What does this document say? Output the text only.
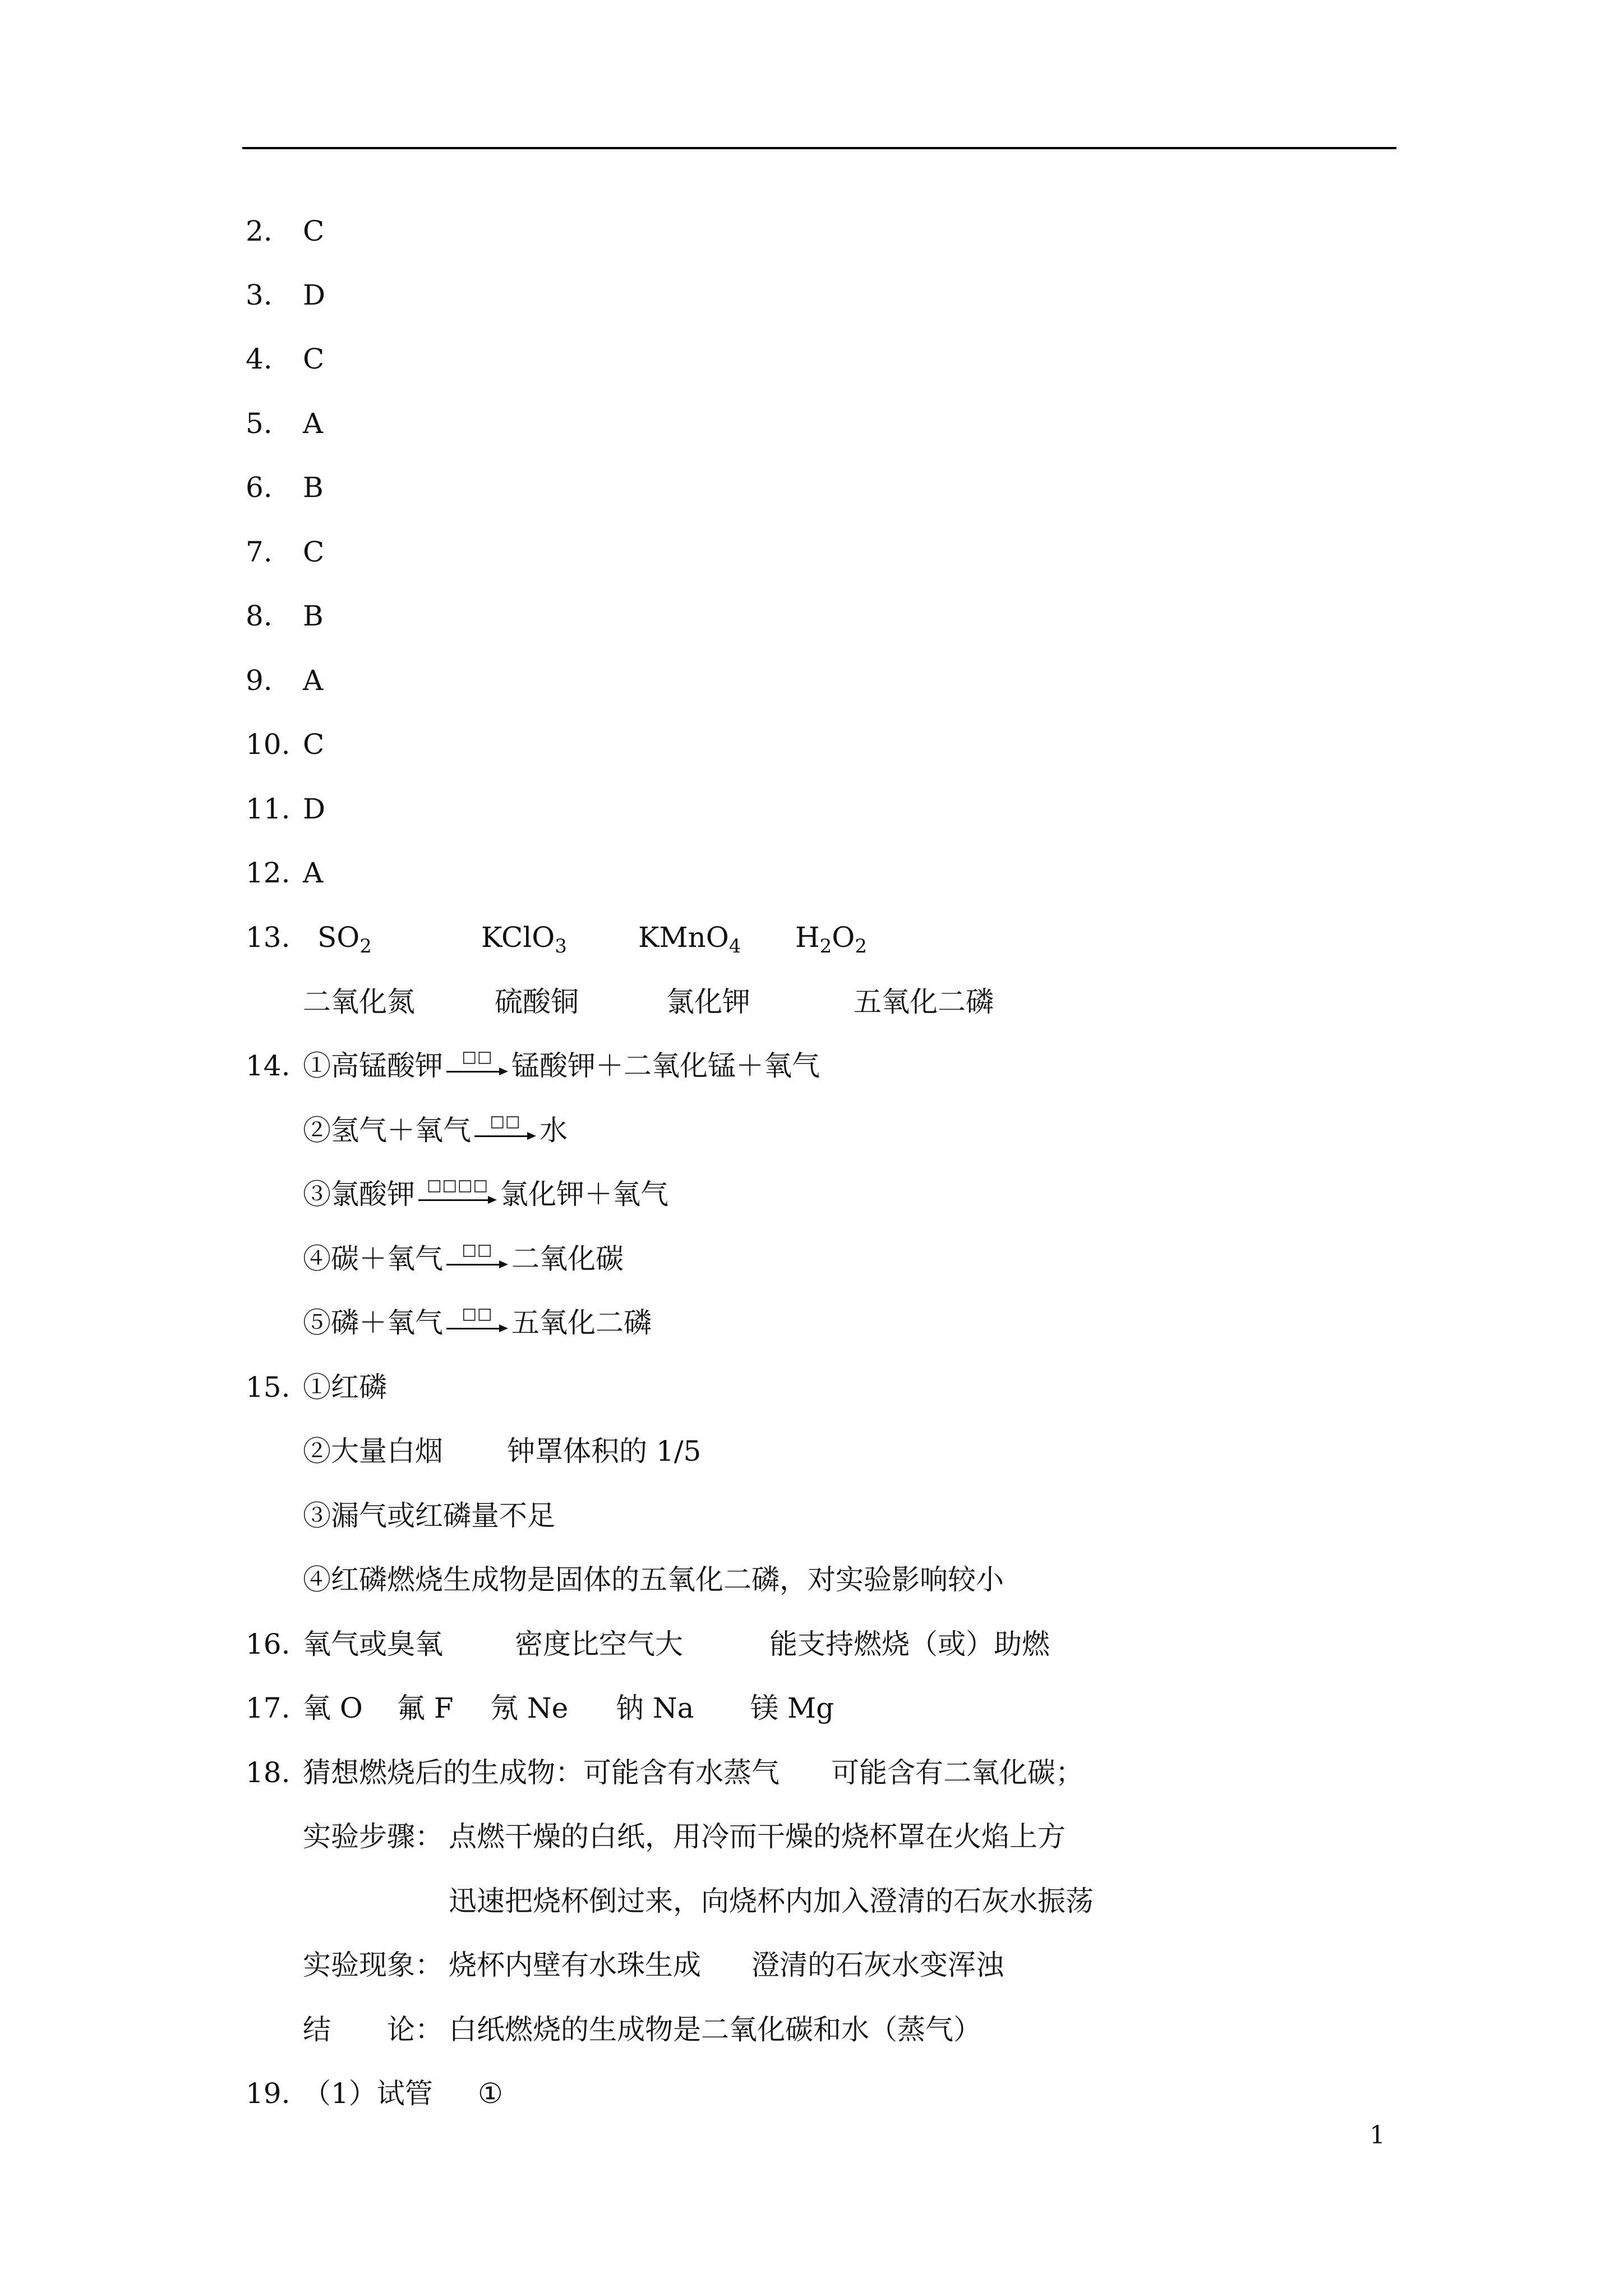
2. C
3. D
4. C
5. A
6. B
7. C
8. B
9. A
10. C
11. D
12. A
13. $SO_2$	KClO$_3$	KMnO$_4$ $H_2O_2$
二氧化氮	硫酸铜	氯化钾	五氧化二磷
14. ①高锰酸钾	□□ 锰酸钾＋二氧化锰＋氧气
②氢气＋氧气	□□ 水
③氯酸钾 □□□□ 氯化钾＋氧气
④碳＋氧气	□□ 二氧化碳
⑤磷＋氧气	□□ 五氧化二磷
15. ①红磷
②大量白烟 钟罩体积的 1/5
③漏气或红磷量不足
④红磷燃烧生成物是固体的五氧化二磷，对实验影响较小
16. 氧气或臭氧	密度比空气大	能支持燃烧（或）助燃
17. 氧 O 氟 F 氖 Ne 钠 Na 镁 Mg
18. 猜想燃烧后的生成物：可能含有水蒸气 可能含有二氧化碳；
实验步骤： 点燃干燥的白纸，用冷而干燥的烧杯罩在火焰上方
迅速把烧杯倒过来，向烧杯内加入澄清的石灰水振荡
实验现象： 烧杯内壁有水珠生成 澄清的石灰水变浑浊
结　　论： 白纸燃烧的生成物是二氧化碳和水（蒸气）
19. （1）试管 ①
1
